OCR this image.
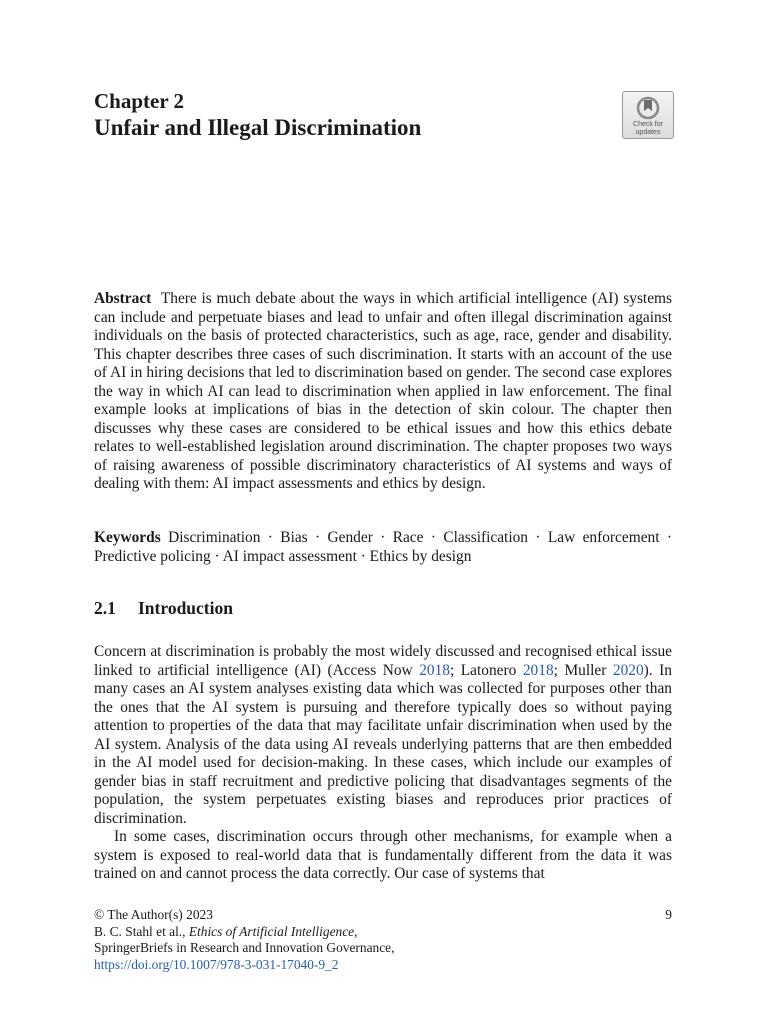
Chapter 2
Unfair and Illegal Discrimination	Check for
updates
Abstract There is much debate about the ways in which artificial intelligence (AI) systems can include and perpetuate biases and lead to unfair and often illegal discrimination against individuals on the basis of protected characteristics, such as age, race, gender and disability. This chapter describes three cases of such discrimination. It starts with an account of the use of AI in hiring decisions that led to discrimination based on gender. The second case explores the way in which AI can lead to discrimination when applied in law enforcement. The final example looks at implications of bias in the detection of skin colour. The chapter then discusses why these cases are considered to be ethical issues and how this ethics debate relates to well-established legislation around discrimination. The chapter proposes two ways of raising awareness of possible discriminatory characteristics of AI systems and ways of dealing with them: AI impact assessments and ethics by design.
Keywords Discrimination · Bias · Gender · Race · Classification · Law enforcement · Predictive policing · AI impact assessment · Ethics by design
2.1 Introduction

Concern at discrimination is probably the most widely discussed and recognised ethical issue linked to artificial intelligence (AI) (Access Now 2018; Latonero 2018; Muller 2020). In many cases an AI system analyses existing data which was collected for purposes other than the ones that the AI system is pursuing and therefore typically does so without paying attention to properties of the data that may facilitate unfair discrimination when used by the AI system. Analysis of the data using AI reveals underlying patterns that are then embedded in the AI model used for decision-making. In these cases, which include our examples of gender bias in staff recruitment and predictive policing that disadvantages segments of the population, the system perpetuates existing biases and reproduces prior practices of discrimination.

In some cases, discrimination occurs through other mechanisms, for example when a system is exposed to real-world data that is fundamentally different from the data it was trained on and cannot process the data correctly. Our case of systems that

© The Author(s) 2023
B. C. Stahl et al., Ethics of Artificial Intelligence,
SpringerBriefs in Research and Innovation Governance,
https://doi.org/10.1007/978-3-031-17040-9_2
9
